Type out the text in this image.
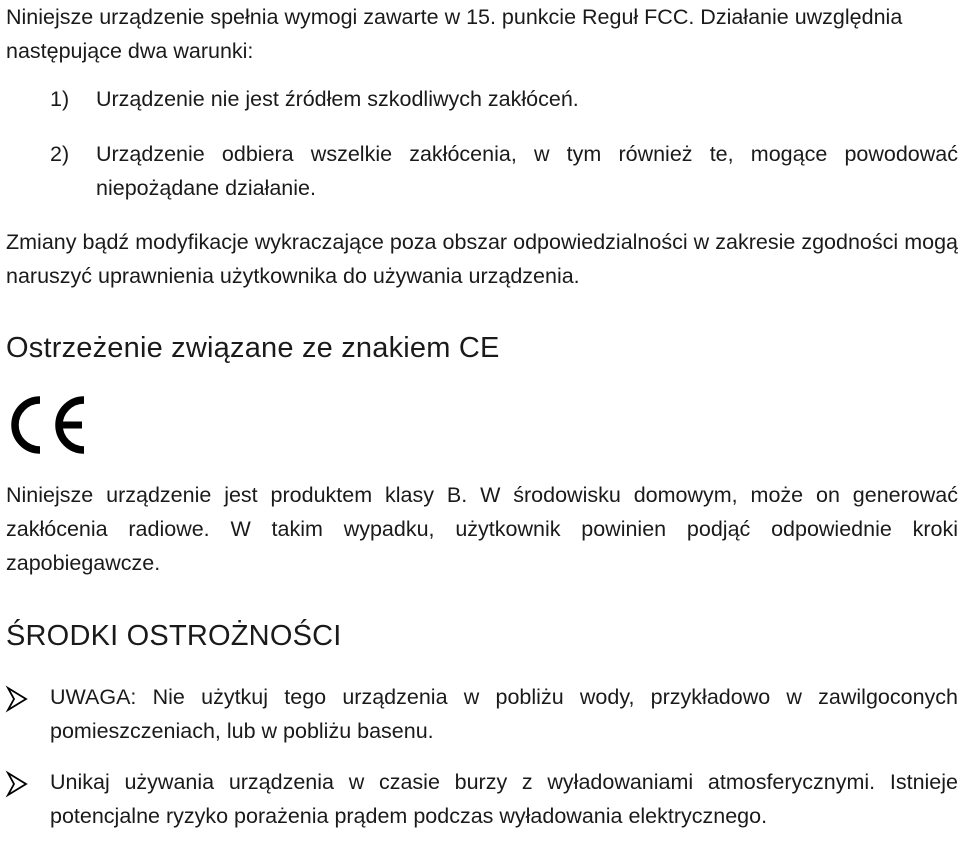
Niniejsze urządzenie spełnia wymogi zawarte w 15. punkcie Reguł FCC. Działanie uwzględnia następujące dwa warunki:

1) Urządzenie nie jest źródłem szkodliwych zakłóceń.

2) Urządzenie odbiera wszelkie zakłócenia, w tym również te, mogące powodować niepożądane działanie.

Zmiany bądź modyfikacje wykraczające poza obszar odpowiedzialności w zakresie zgodności mogą naruszyć uprawnienia użytkownika do używania urządzenia.

Ostrzeżenie związane ze znakiem CE

Niniejsze urządzenie jest produktem klasy B. W środowisku domowym, może on generować zakłócenia radiowe. W takim wypadku, użytkownik powinien podjąć odpowiednie kroki zapobiegawcze.

ŚRODKI OSTROŻNOŚCI

UWAGA: Nie użytkuj tego urządzenia w pobliżu wody, przykładowo w zawilgoconych pomieszczeniach, lub w pobliżu basenu.

Unikaj używania urządzenia w czasie burzy z wyładowaniami atmosferycznymi. Istnieje potencjalne ryzyko porażenia prądem podczas wyładowania elektrycznego.
